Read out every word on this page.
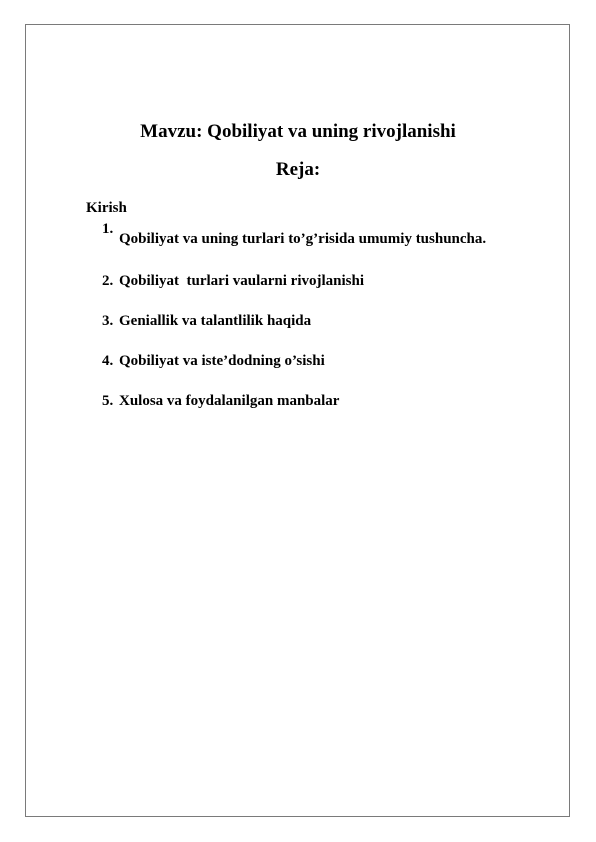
Mavzu: Qobiliyat va uning rivojlanishi
Reja:
Kirish
1.
Qobiliyat va uning turlari to’g’risida umumiy tushuncha.
2. Qobiliyat  turlari vaularni rivojlanishi
3. Geniallik va talantlilik haqida
4. Qobiliyat va iste’dodning o’sishi
5. Xulosa va foydalanilgan manbalar
